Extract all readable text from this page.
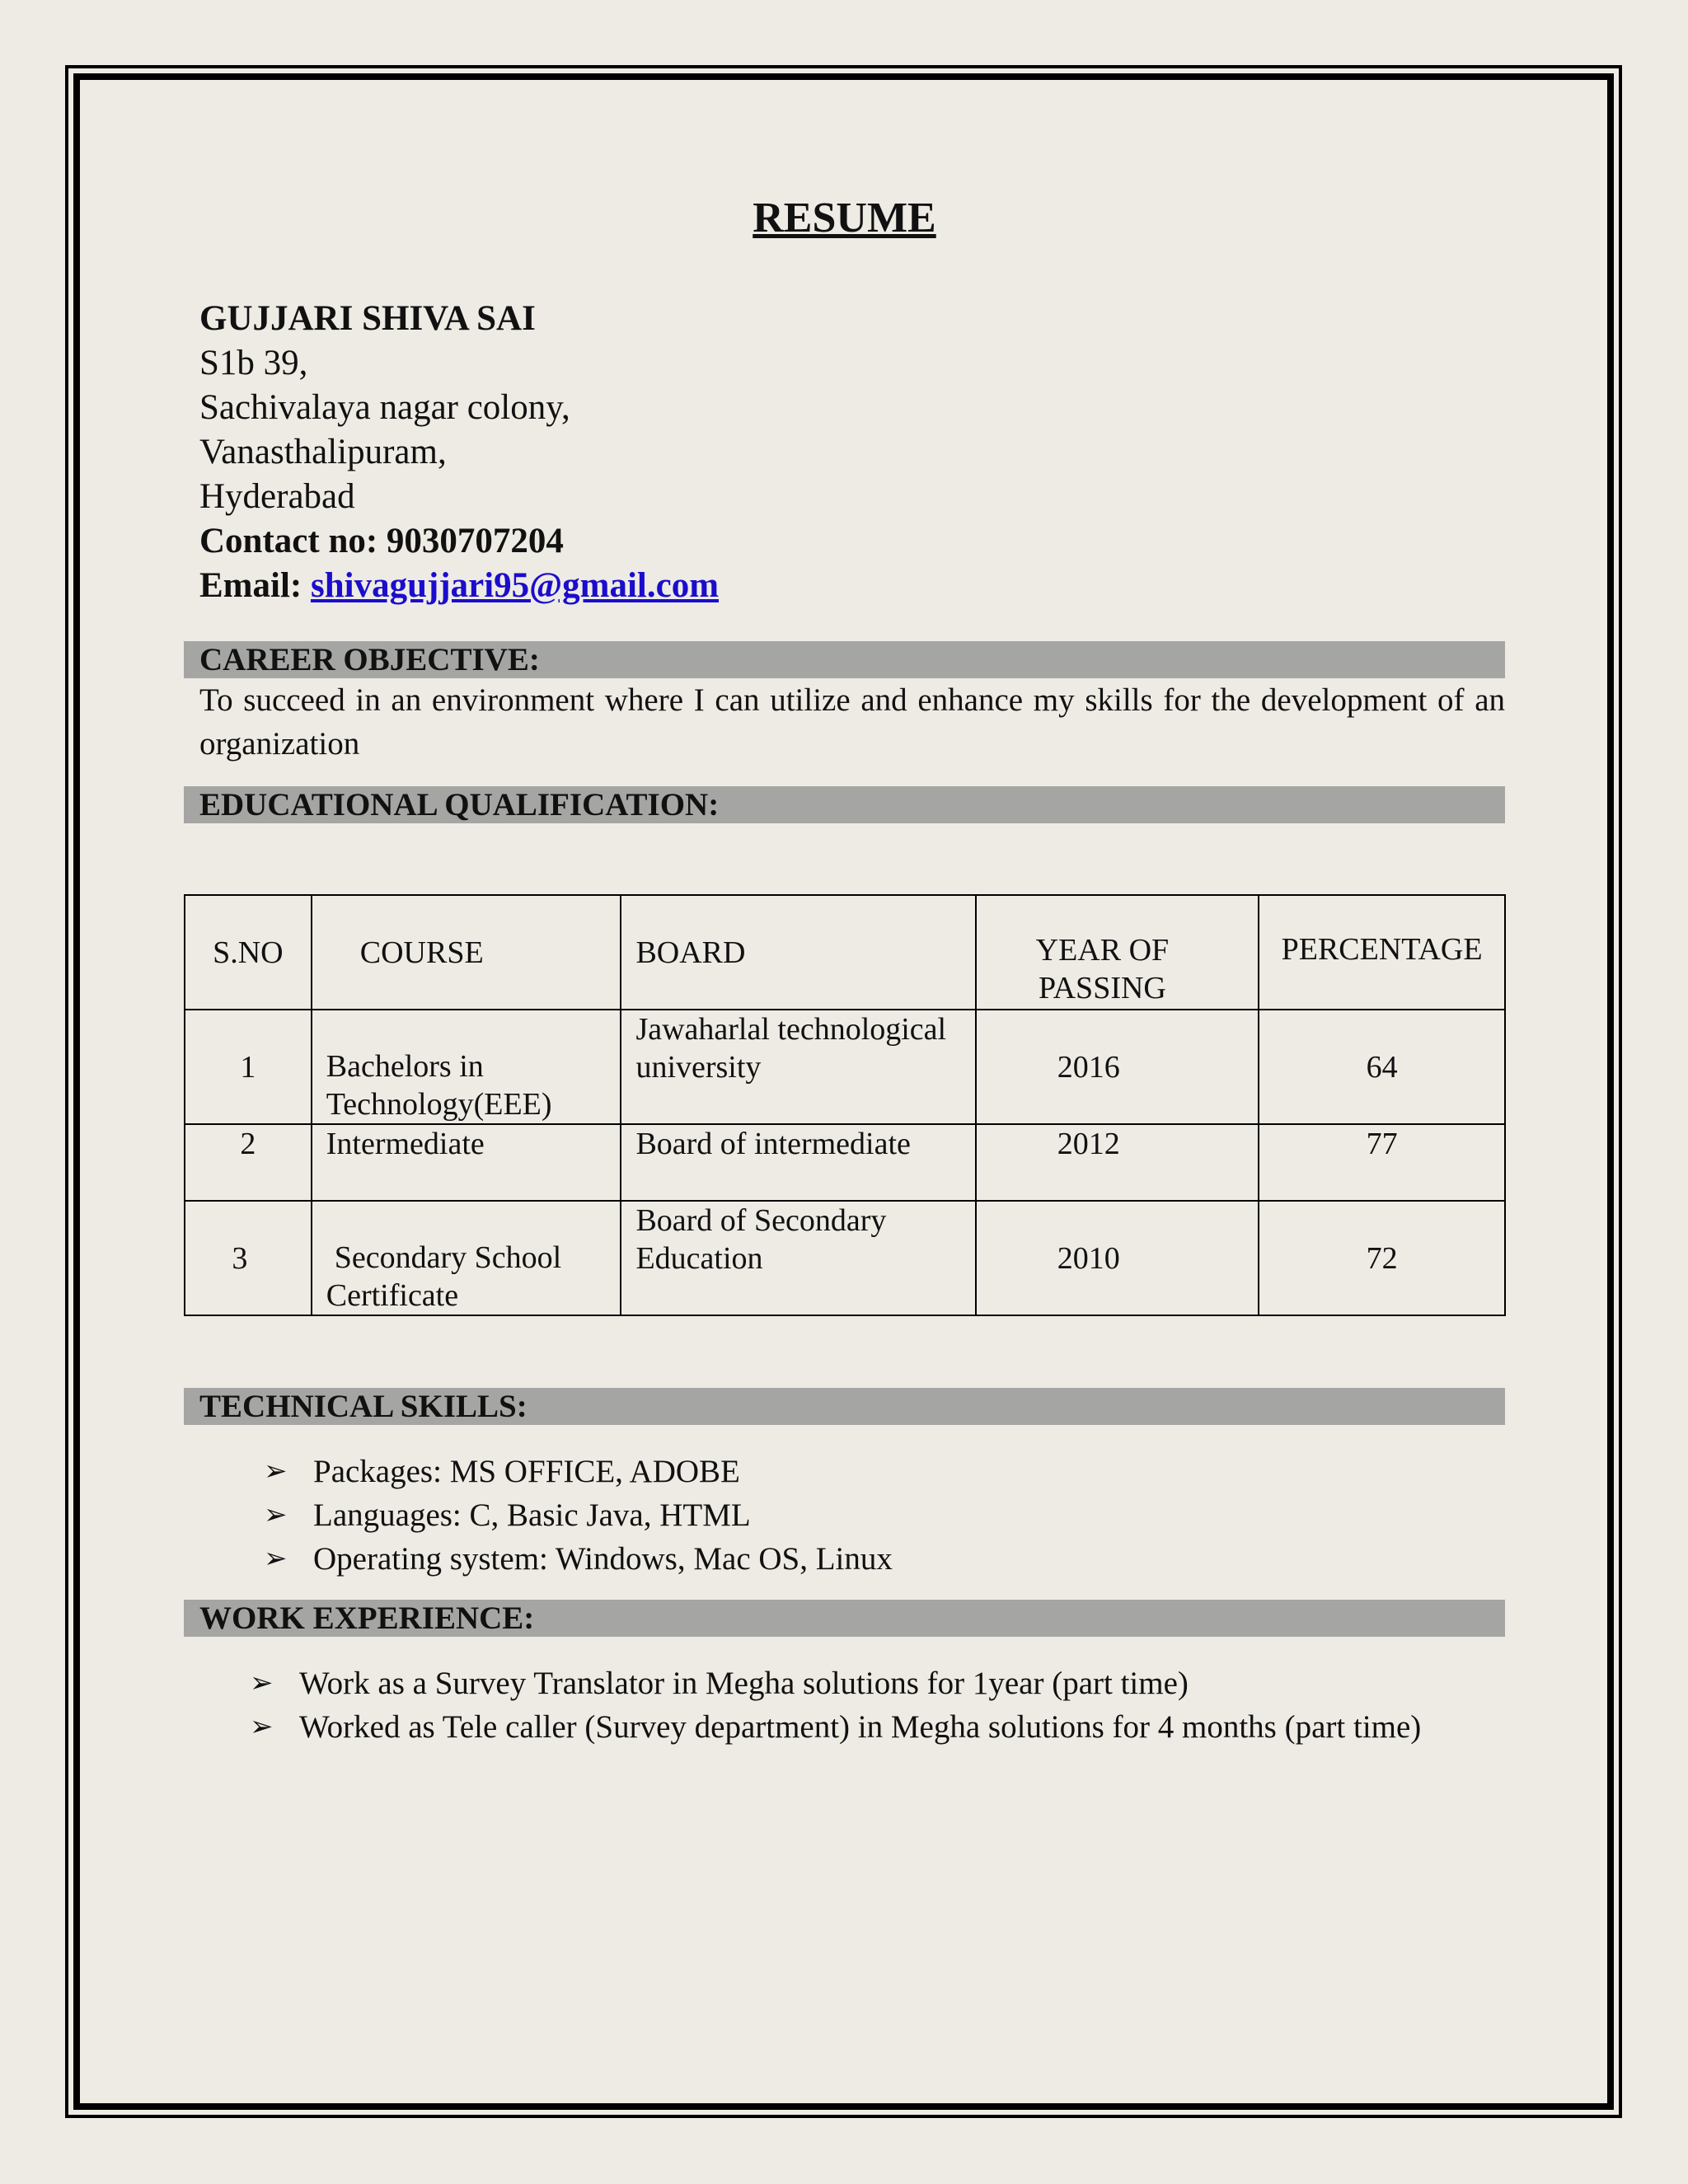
RESUME
GUJJARI SHIVA SAI
S1b 39,
Sachivalaya nagar colony,
Vanasthalipuram,
Hyderabad
Contact no: 9030707204
Email: shivagujjari95@gmail.com
CAREER OBJECTIVE:
To succeed in an environment where I can utilize and enhance my skills for the development of an organization
EDUCATIONAL QUALIFICATION:
S.NO	COURSE	BOARD	YEAR OF PASSING	PERCENTAGE
1	Bachelors in Technology(EEE)	Jawaharlal technological university	2016	64
2	Intermediate	Board of intermediate	2012	77
3	Secondary School Certificate	Board of Secondary Education	2010	72
TECHNICAL SKILLS:
➢ Packages: MS OFFICE, ADOBE
➢ Languages: C, Basic Java, HTML
➢ Operating system: Windows, Mac OS, Linux
WORK EXPERIENCE:
➢ Work as a Survey Translator in Megha solutions for 1year (part time)
➢ Worked as Tele caller (Survey department) in Megha solutions for 4 months (part time)
